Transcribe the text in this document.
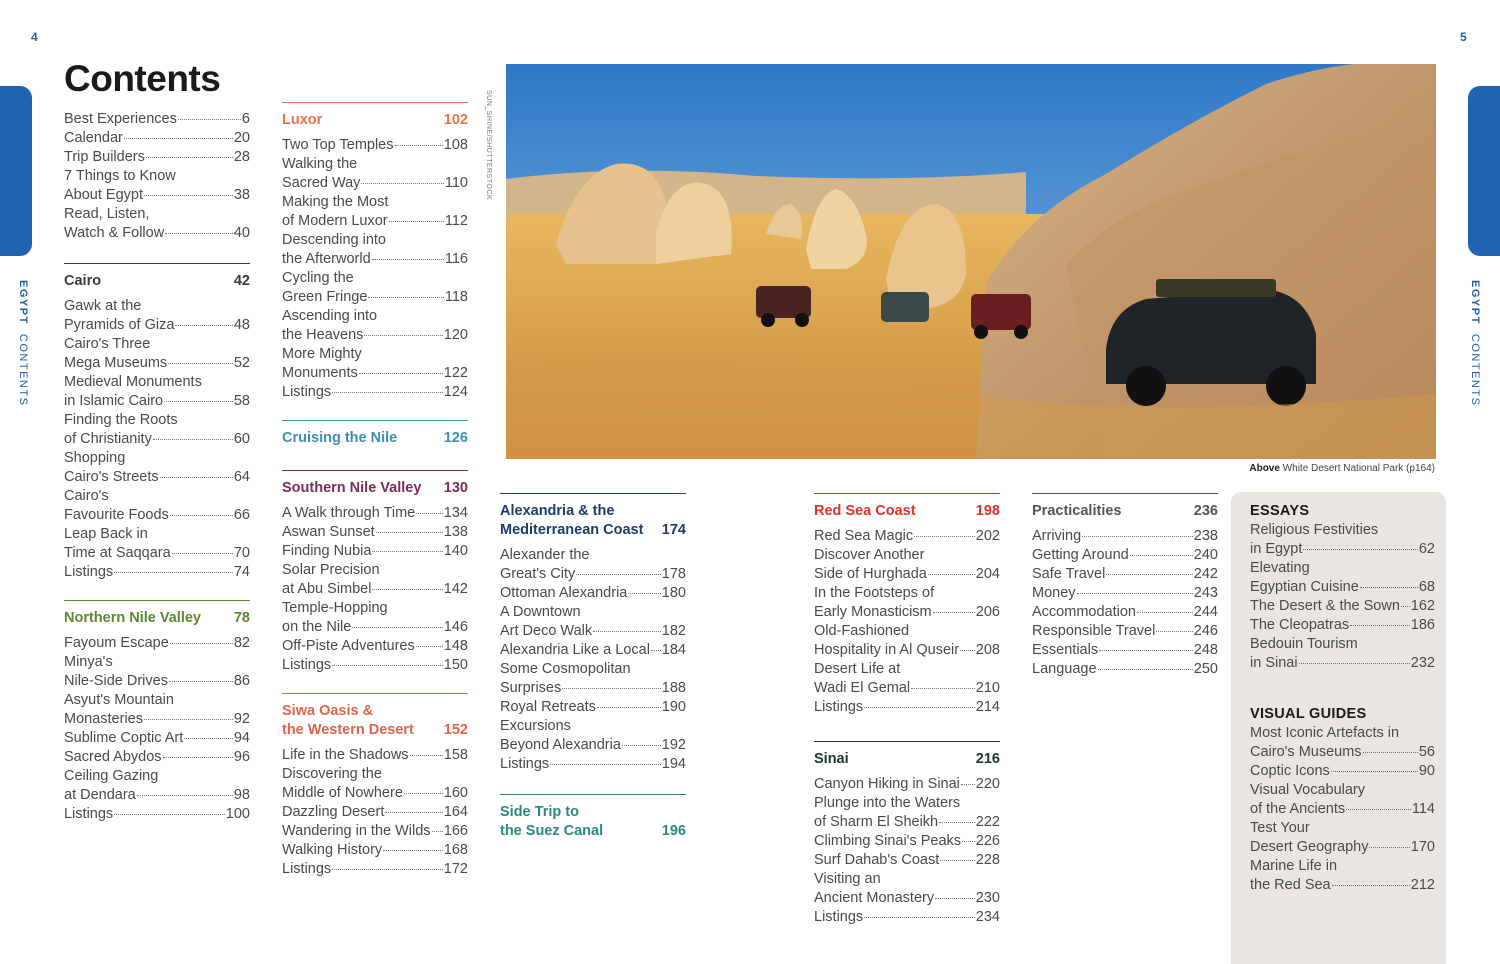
4	5
EGYPT  CONTENTS
EGYPT  CONTENTS
Contents
Best Experiences	6
Calendar	20
Trip Builders	28
7 Things to Know
About Egypt	38
Read, Listen,
Watch & Follow	40
Cairo	42
Gawk at the
Pyramids of Giza	48
Cairo's Three
Mega Museums	52
Medieval Monuments
in Islamic Cairo	58
Finding the Roots
of Christianity	60
Shopping
Cairo's Streets	64
Cairo's
Favourite Foods	66
Leap Back in
Time at Saqqara	70
Listings	74
Northern Nile Valley 78
Fayoum Escape	82
Minya's
Nile-Side Drives	86
Asyut's Mountain
Monasteries	92
Sublime Coptic Art	94
Sacred Abydos	96
Ceiling Gazing
at Dendara	98
Listings	100
Luxor	102
Two Top Temples	108
Walking the
Sacred Way	110
Making the Most
of Modern Luxor	112
Descending into
the Afterworld	116
Cycling the
Green Fringe	118
Ascending into
the Heavens	120
More Mighty
Monuments	122
Listings	124
Cruising the Nile	126
Southern Nile Valley 130
A Walk through Time 134
Aswan Sunset	138
Finding Nubia	140
Solar Precision
at Abu Simbel	142
Temple-Hopping
on the Nile	146
Off-Piste Adventures 148
Listings	150
Siwa Oasis &
the Western Desert 152
Life in the Shadows 158
Discovering the
Middle of Nowhere	160
Dazzling Desert	164
Wandering in the Wilds 166
Walking History	168
Listings	172
SUN_SHINE/SHUTTERSTOCK
Above White Desert National Park (p164)
Alexandria & the
Mediterranean Coast 174
Alexander the
Great's City	178
Ottoman Alexandria 180
A Downtown
Art Deco Walk	182
Alexandria Like a Local 184
Some Cosmopolitan
Surprises	188
Royal Retreats	190
Excursions
Beyond Alexandria	192
Listings	194
Side Trip to
the Suez Canal	196
Red Sea Coast	198
Red Sea Magic	202
Discover Another
Side of Hurghada	204
In the Footsteps of
Early Monasticism	206
Old-Fashioned
Hospitality in Al Quseir 208
Desert Life at
Wadi El Gemal	210
Listings	214
Sinai	216
Canyon Hiking in Sinai 220
Plunge into the Waters
of Sharm El Sheikh	222
Climbing Sinai's Peaks 226
Surf Dahab's Coast	228
Visiting an
Ancient Monastery	230
Listings	234
Practicalities	236
Arriving	238
Getting Around	240
Safe Travel	242
Money	243
Accommodation	244
Responsible Travel	246
Essentials	248
Language	250
ESSAYS
Religious Festivities
in Egypt	62
Elevating
Egyptian Cuisine	68
The Desert & the Sown 162
The Cleopatras	186
Bedouin Tourism
in Sinai	232
VISUAL GUIDES
Most Iconic Artefacts in
Cairo's Museums	56
Coptic Icons	90
Visual Vocabulary
of the Ancients	114
Test Your
Desert Geography	170
Marine Life in
the Red Sea	212
